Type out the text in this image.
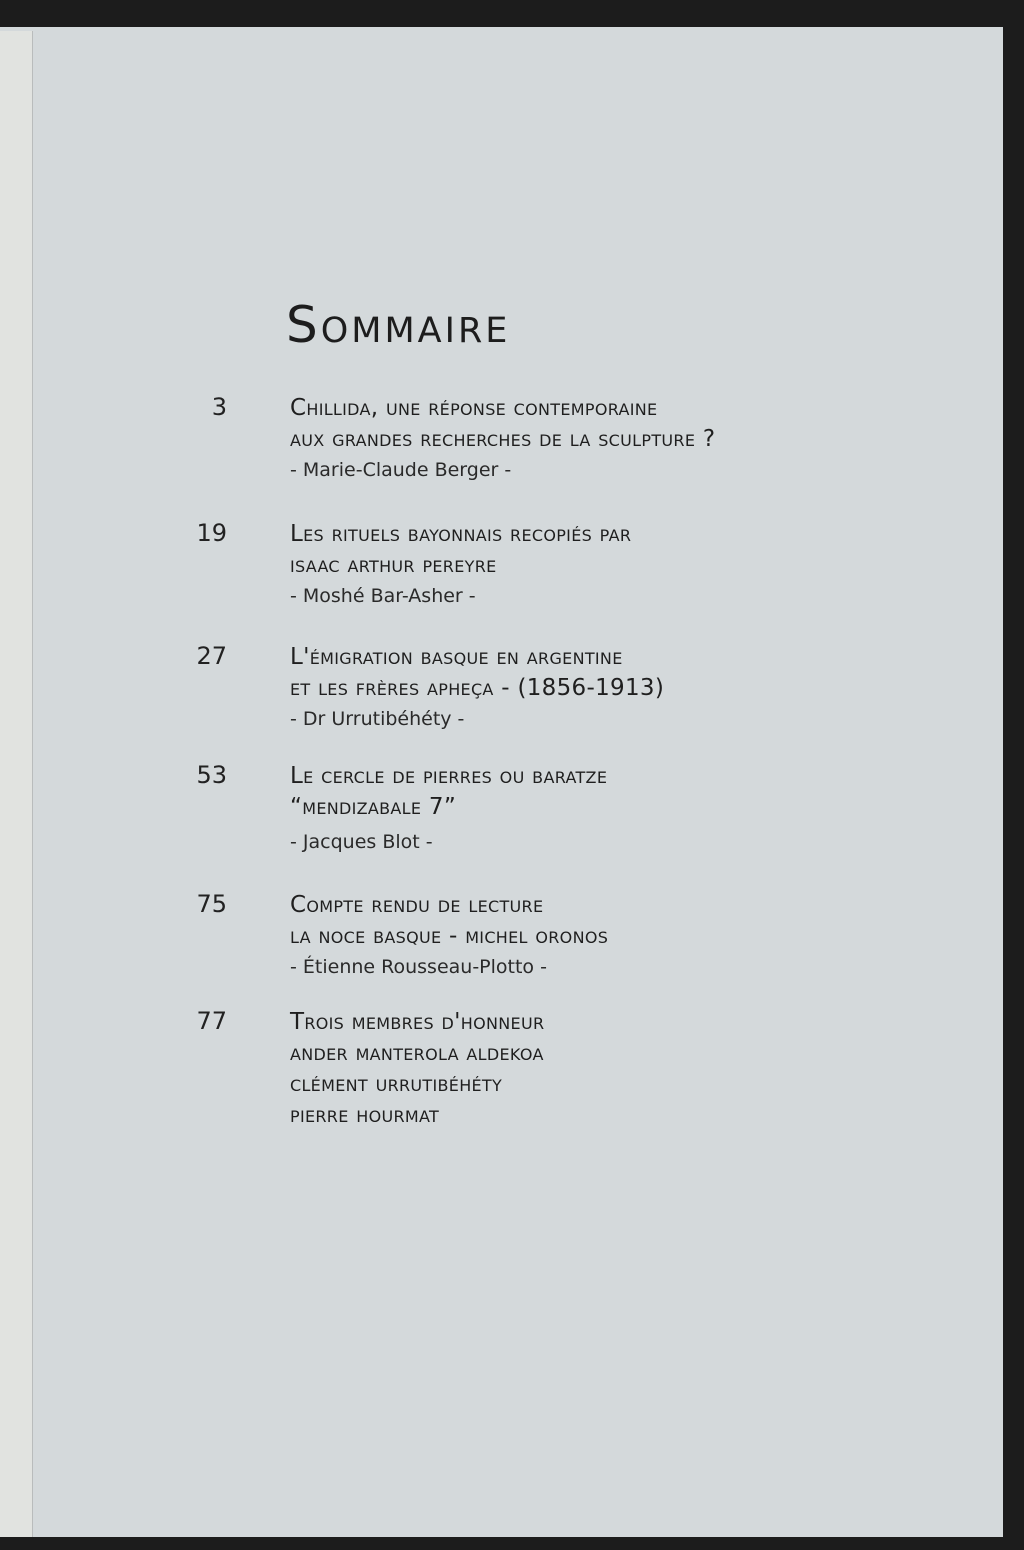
Sommaire
3	Chillida, une réponse contemporaine
aux grandes recherches de la sculpture ?
- Marie-Claude Berger -
19	Les rituels bayonnais recopiés par
isaac arthur pereyre
- Moshé Bar-Asher -
27	L'émigration basque en argentine
et les frères apheça - (1856-1913)
- Dr Urrutibéhéty -
53	Le cercle de pierres ou baratze
“mendizabale 7”
- Jacques Blot -
75	Compte rendu de lecture
la noce basque - michel oronos
- Étienne Rousseau-Plotto -
77	Trois membres d'honneur
ander manterola aldekoa
clément urrutibéhéty
pierre hourmat
